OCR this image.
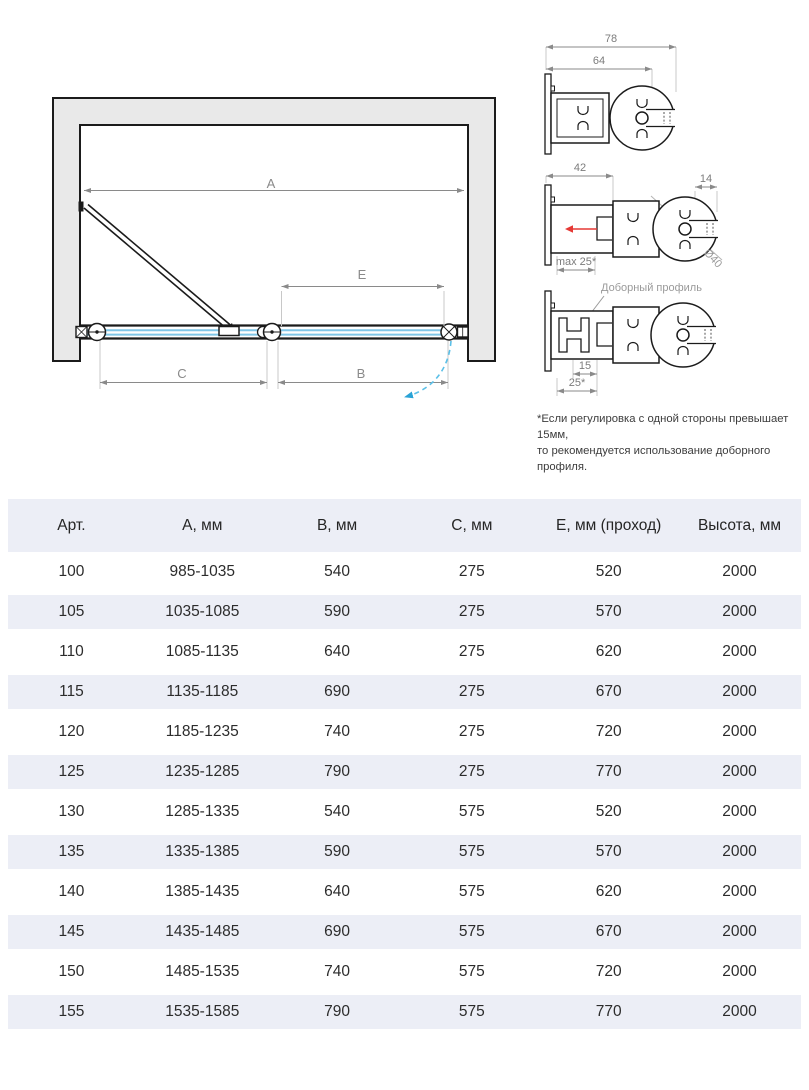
А
Е
С	В
78
64
42
14
max 25*	Ø40
Доборный профиль
15
25*
*Если регулировка с одной стороны превышает 15мм,
то рекомендуется использование доборного профиля.
Арт.	А, мм	В, мм	С, мм	Е, мм (проход)	Высота, мм
100	985-1035	540	275	520	2000
105	1035-1085	590	275	570	2000
110	1085-1135	640	275	620	2000
115	1135-1185	690	275	670	2000
120	1185-1235	740	275	720	2000
125	1235-1285	790	275	770	2000
130	1285-1335	540	575	520	2000
135	1335-1385	590	575	570	2000
140	1385-1435	640	575	620	2000
145	1435-1485	690	575	670	2000
150	1485-1535	740	575	720	2000
155	1535-1585	790	575	770	2000
